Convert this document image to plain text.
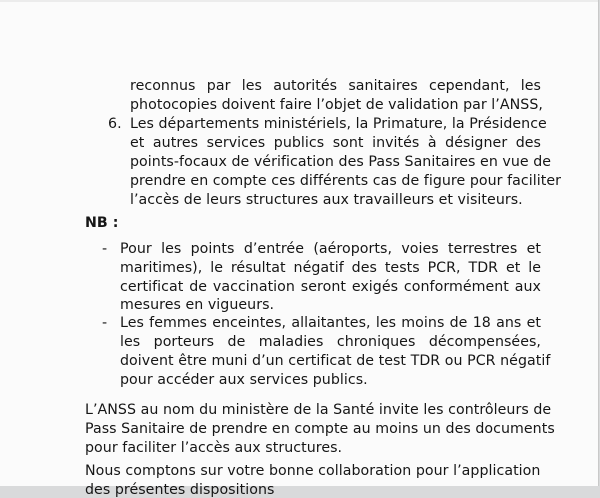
reconnus par les autorités sanitaires cependant, les
photocopies doivent faire l’objet de validation par l’ANSS,
6. Les départements ministériels, la Primature, la Présidence
et autres services publics sont invités à désigner des
points-focaux de vérification des Pass Sanitaires en vue de
prendre en compte ces différents cas de figure pour faciliter
l’accès de leurs structures aux travailleurs et visiteurs.
NB :
- Pour les points d’entrée (aéroports, voies terrestres et
maritimes), le résultat négatif des tests PCR, TDR et le
certificat de vaccination seront exigés conformément aux
mesures en vigueurs.
- Les femmes enceintes, allaitantes, les moins de 18 ans et
les porteurs de maladies chroniques décompensées,
doivent être muni d’un certificat de test TDR ou PCR négatif
pour accéder aux services publics.
L’ANSS au nom du ministère de la Santé invite les contrôleurs de
Pass Sanitaire de prendre en compte au moins un des documents
pour faciliter l’accès aux structures.
Nous comptons sur votre bonne collaboration pour l’application
des présentes dispositions
